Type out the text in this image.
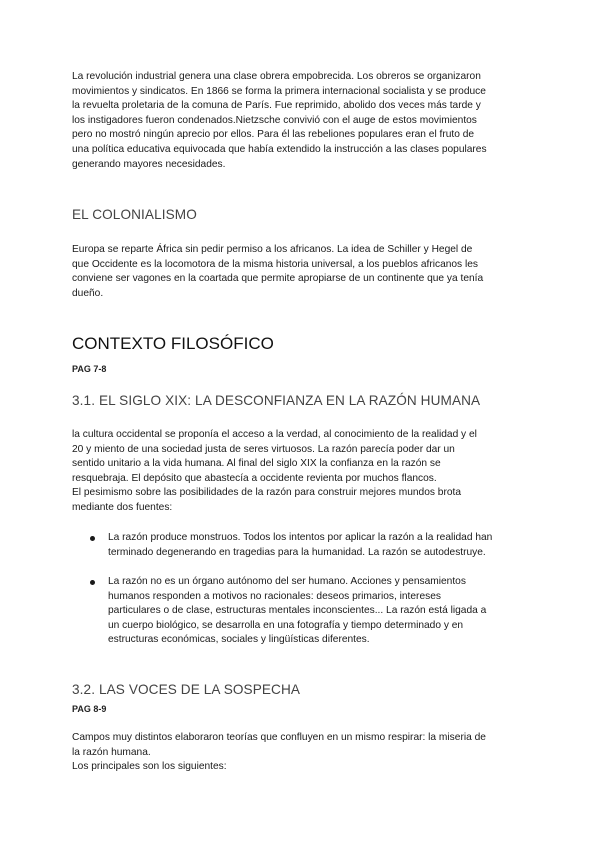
La revolución industrial genera una clase obrera empobrecida. Los obreros se organizaron
movimientos y sindicatos. En 1866 se forma la primera internacional socialista y se produce
la revuelta proletaria de la comuna de París. Fue reprimido, abolido dos veces más tarde y
los instigadores fueron condenados.Nietzsche convivió con el auge de estos movimientos
pero no mostró ningún aprecio por ellos. Para él las rebeliones populares eran el fruto de
una política educativa equivocada que había extendido la instrucción a las clases populares
generando mayores necesidades.

EL COLONIALISMO

Europa se reparte África sin pedir permiso a los africanos. La idea de Schiller y Hegel de
que Occidente es la locomotora de la misma historia universal, a los pueblos africanos les
conviene ser vagones en la coartada que permite apropiarse de un continente que ya tenía
dueño.

CONTEXTO FILOSÓFICO
PAG 7-8
3.1. EL SIGLO XIX: LA DESCONFIANZA EN LA RAZÓN HUMANA

la cultura occidental se proponía el acceso a la verdad, al conocimiento de la realidad y el
20 y miento de una sociedad justa de seres virtuosos. La razón parecía poder dar un
sentido unitario a la vida humana. Al final del siglo XIX la confianza en la razón se
resquebraja. El depósito que abastecía a occidente revienta por muchos flancos.
El pesimismo sobre las posibilidades de la razón para construir mejores mundos brota
mediante dos fuentes:

La razón produce monstruos. Todos los intentos por aplicar la razón a la realidad han
terminado degenerando en tragedias para la humanidad. La razón se autodestruye.
La razón no es un órgano autónomo del ser humano. Acciones y pensamientos
humanos responden a motivos no racionales: deseos primarios, intereses
particulares o de clase, estructuras mentales inconscientes... La razón está ligada a
un cuerpo biológico, se desarrolla en una fotografía y tiempo determinado y en
estructuras económicas, sociales y lingüísticas diferentes.
3.2. LAS VOCES DE LA SOSPECHA
PAG 8-9

Campos muy distintos elaboraron teorías que confluyen en un mismo respirar: la miseria de
la razón humana.
Los principales son los siguientes:
